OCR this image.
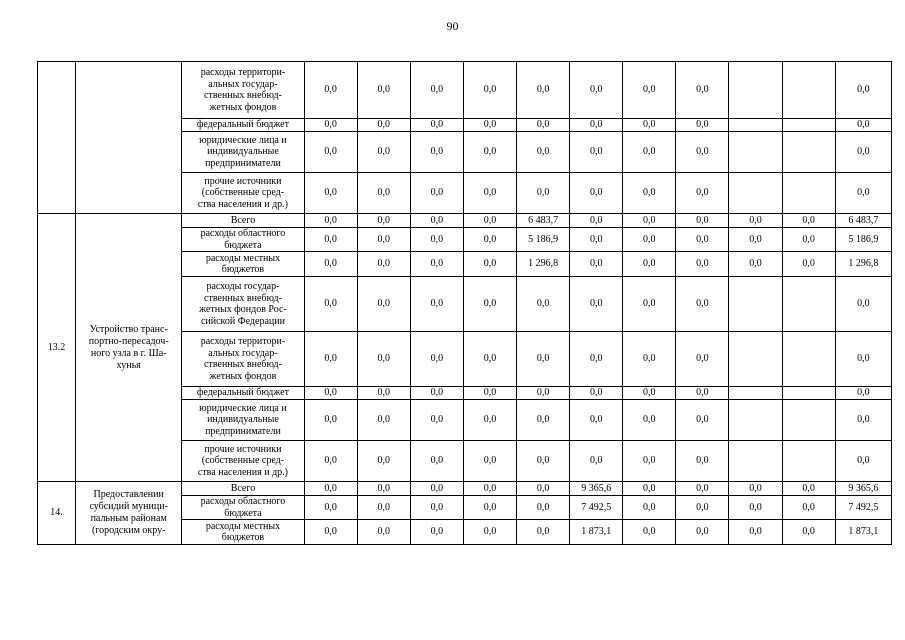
90
		расходы территори-
альных государ-
ственных внебюд-
жетных фондов	0,0	0,0	0,0	0,0	0,0	0,0	0,0	0,0			0,0
		федеральный бюджет	0,0	0,0	0,0	0,0	0,0	0,0	0,0	0,0			0,0
		юридические лица и
индивидуальные
предприниматели	0,0	0,0	0,0	0,0	0,0	0,0	0,0	0,0			0,0
		прочие источники
(собственные сред-
ства населения и др.)	0,0	0,0	0,0	0,0	0,0	0,0	0,0	0,0			0,0
13.2	Устройство транс-
портно-пересадоч-
ного узла в г. Ша-
хунья	Всего	0,0	0,0	0,0	0,0	6 483,7	0,0	0,0	0,0	0,0	0,0	6 483,7
		расходы областного
бюджета	0,0	0,0	0,0	0,0	5 186,9	0,0	0,0	0,0	0,0	0,0	5 186,9
		расходы местных
бюджетов	0,0	0,0	0,0	0,0	1 296,8	0,0	0,0	0,0	0,0	0,0	1 296,8
		расходы государ-
ственных внебюд-
жетных фондов Рос-
сийской Федерации	0,0	0,0	0,0	0,0	0,0	0,0	0,0	0,0			0,0
		расходы территори-
альных государ-
ственных внебюд-
жетных фондов	0,0	0,0	0,0	0,0	0,0	0,0	0,0	0,0			0,0
		федеральный бюджет	0,0	0,0	0,0	0,0	0,0	0,0	0,0	0,0			0,0
		юридические лица и
индивидуальные
предприниматели	0,0	0,0	0,0	0,0	0,0	0,0	0,0	0,0			0,0
		прочие источники
(собственные сред-
ства населения и др.)	0,0	0,0	0,0	0,0	0,0	0,0	0,0	0,0			0,0
14.	Предоставлении
субсидий муници-
пальным районам
(городским окру-	Всего	0,0	0,0	0,0	0,0	0,0	9 365,6	0,0	0,0	0,0	0,0	9 365,6
		расходы областного
бюджета	0,0	0,0	0,0	0,0	0,0	7 492,5	0,0	0,0	0,0	0,0	7 492,5
		расходы местных
бюджетов	0,0	0,0	0,0	0,0	0,0	1 873,1	0,0	0,0	0,0	0,0	1 873,1
